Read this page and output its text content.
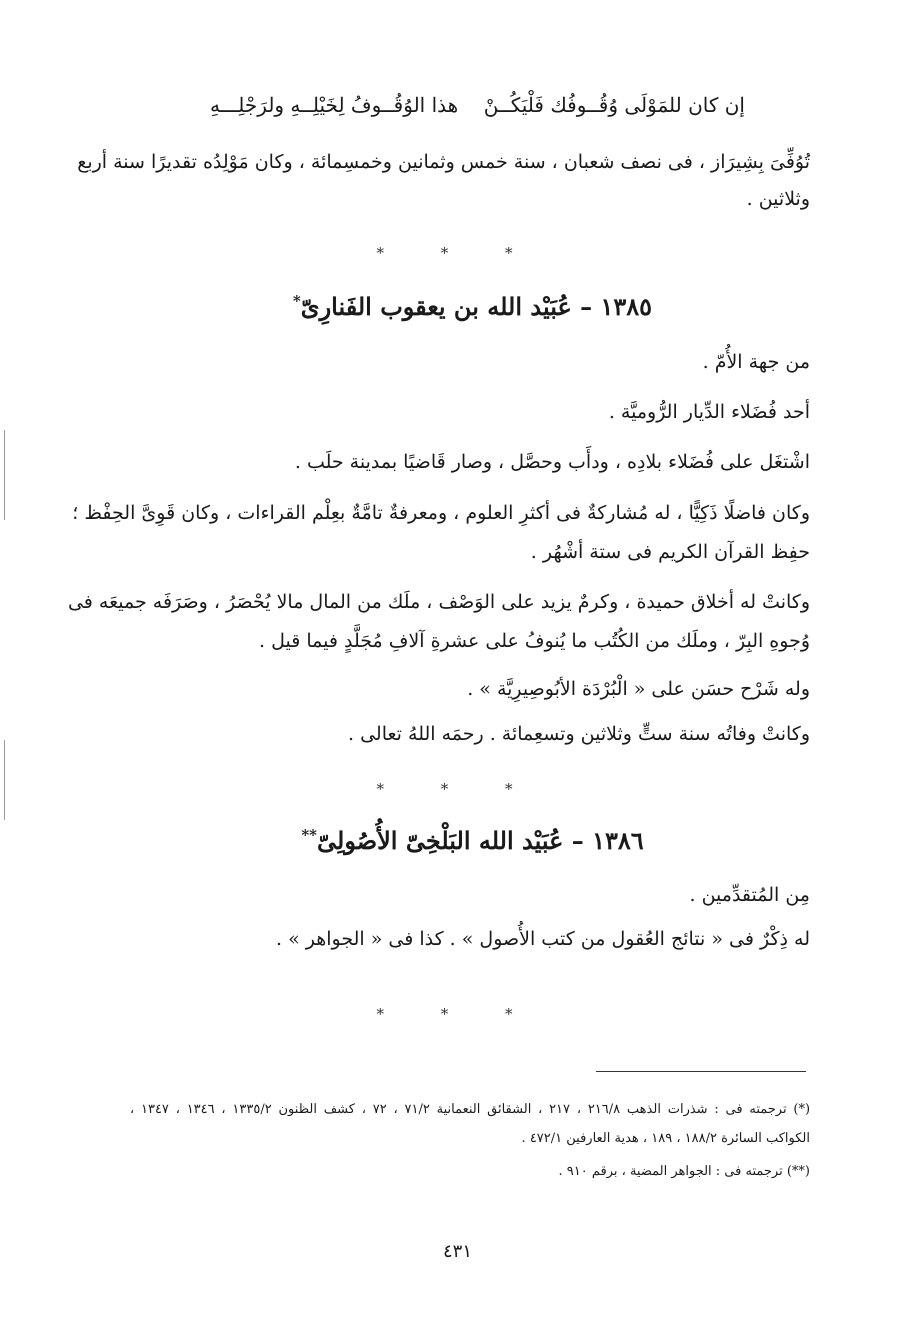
إن كان للمَوْلَى وُقُــوفُك فَلْيَكُــنْ
هذا الوُقُــوفُ لِخَيْلِــهِ ولرَجْلِـــهِ
تُوُفِّىَ بِشِيرَاز ، فى نصف شعبان ، سنة خمس وثمانين وخمسِمائة ، وكان مَوْلِدُه تقديرًا سنة أربع
وثلاثين .
* * *
١٣٨٥ – عُبَيْد الله بن يعقوب الفَنارِىّ*
من جهة الأُمّ .
أحد فُضَلاء الدِّيار الرُّوميَّة .
اشْتغَل على فُضَلاء بلادِه ، ودأَب وحصَّل ، وصار قَاضيًا بمدينة حلَب .
وكان فاضلًا ذَكِيًّا ، له مُشاركةٌ فى أكثرِ العلوم ، ومعرفةٌ تامَّةٌ بعِلْم القراءات ، وكان قَوِىَّ الحِفْظ ؛
حفِظ القرآن الكريم فى ستة أشْهُر .
وكانتْ له أخلاق حميدة ، وكرمٌ يزيد على الوَصْف ، ملَك من المال مالا يُحْصَرُ ، وصَرَفَه جميعَه فى
وُجوهِ البِرّ ، وملَك من الكُتُب ما يُنوفُ على عشرةِ آلافِ مُجَلَّدٍ فيما قيل .
وله شَرْح حسَن على « الْبُرْدَة الأبُوصِيرِيَّة » .
وكانتْ وفاتُه سنة ستٍّ وثلاثين وتسعِمائة . رحمَه اللهُ تعالى .
* * *
١٣٨٦ – عُبَيْد الله البَلْخِىّ الأُصُولِىّ**
مِن المُتقدِّمين .
له ذِكْرٌ فى « نتائج العُقول من كتب الأُصول » . كذا فى « الجواهر » .
* * *
(*) ترجمته فى : شذرات الذهب ٢١٦/٨ ، ٢١٧ ، الشقائق النعمانية ٧١/٢ ، ٧٢ ، كشف الظنون ١٣٣٥/٢ ، ١٣٤٦ ، ١٣٤٧ ،
الكواكب السائرة ١٨٨/٢ ، ١٨٩ ، هدية العارفين ٤٧٢/١ .
(**) ترجمته فى : الجواهر المضية ، برقم ٩١٠ .
٤٣١
